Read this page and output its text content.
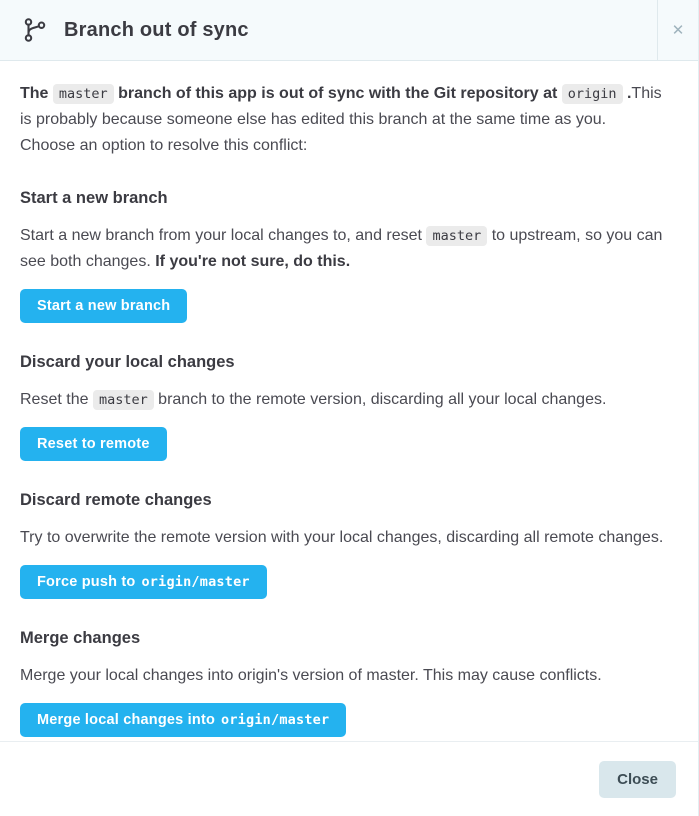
Branch out of sync	✕
The master branch of this app is out of sync with the Git repository at origin .This is probably because someone else has edited this branch at the same time as you.
Choose an option to resolve this conflict:
Start a new branch
Start a new branch from your local changes to, and reset master to upstream, so you can see both changes. If you're not sure, do this.
Start a new branch
Discard your local changes
Reset the master branch to the remote version, discarding all your local changes.
Reset to remote
Discard remote changes
Try to overwrite the remote version with your local changes, discarding all remote changes.
Force push to origin/master
Merge changes
Merge your local changes into origin's version of master. This may cause conflicts.
Merge local changes into origin/master
Close
